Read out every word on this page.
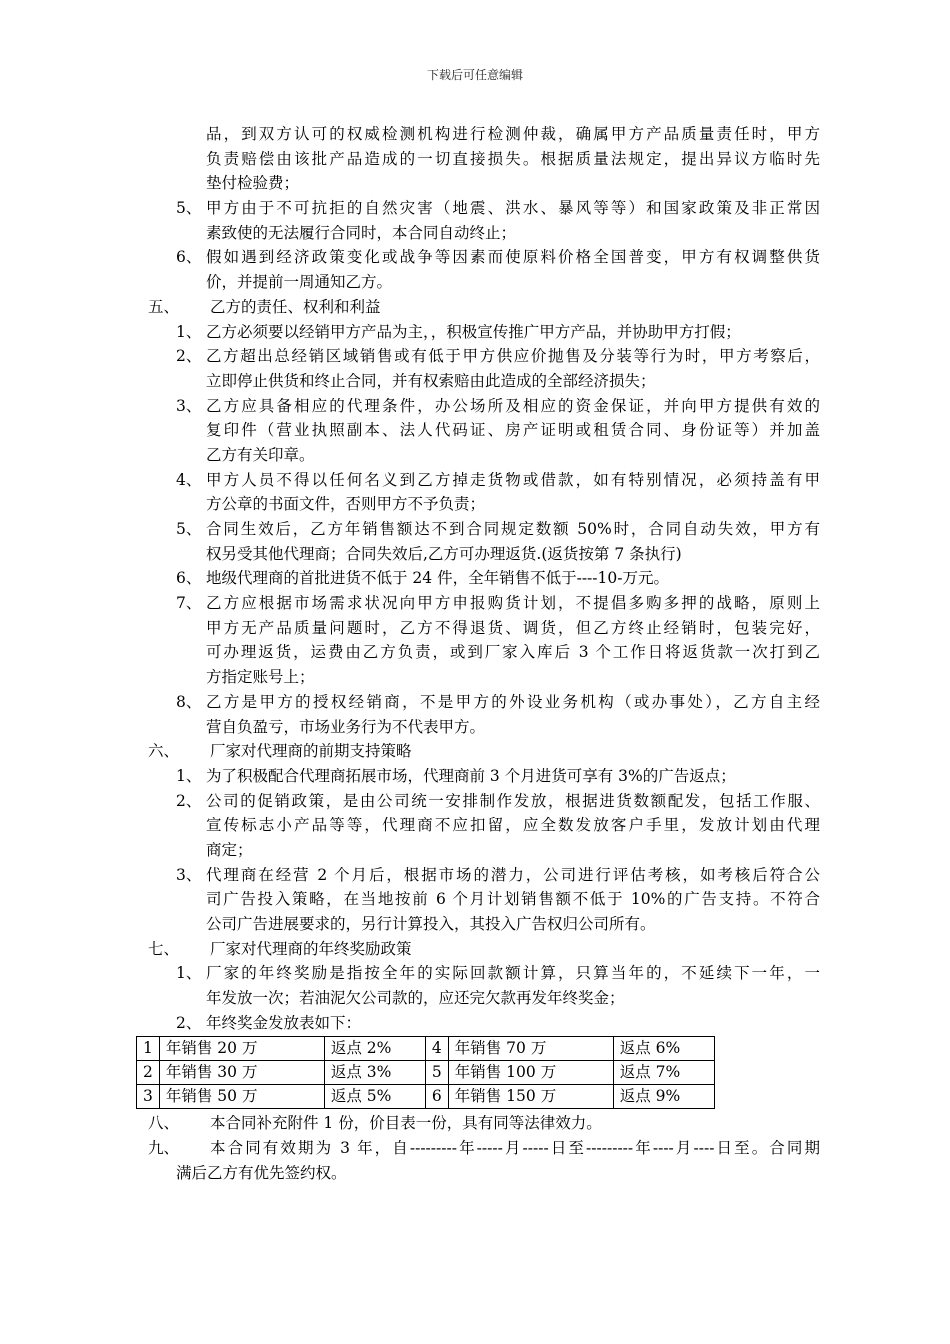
下载后可任意编辑
品，到双方认可的权威检测机构进行检测仲裁，确属甲方产品质量责任时，甲方
负责赔偿由该批产品造成的一切直接损失。根据质量法规定，提出异议方临时先
垫付检验费；
5、 甲方由于不可抗拒的自然灾害（地震、洪水、暴风等等）和国家政策及非正常因
素致使的无法履行合同时，本合同自动终止；
6、 假如遇到经济政策变化或战争等因素而使原料价格全国普变，甲方有权调整供货
价，并提前一周通知乙方。
五、 乙方的责任、权利和利益
1、 乙方必须要以经销甲方产品为主，，积极宣传推广甲方产品，并协助甲方打假；
2、 乙方超出总经销区域销售或有低于甲方供应价抛售及分装等行为时，甲方考察后，
立即停止供货和终止合同，并有权索赔由此造成的全部经济损失；
3、 乙方应具备相应的代理条件，办公场所及相应的资金保证，并向甲方提供有效的
复印件（营业执照副本、法人代码证、房产证明或租赁合同、身份证等）并加盖
乙方有关印章。
4、 甲方人员不得以任何名义到乙方掉走货物或借款，如有特别情况，必须持盖有甲
方公章的书面文件，否则甲方不予负责；
5、 合同生效后，乙方年销售额达不到合同规定数额 50%时，合同自动失效，甲方有
权另受其他代理商；合同失效后,乙方可办理返货.(返货按第 7 条执行)
6、 地级代理商的首批进货不低于 24 件，全年销售不低于----10-万元。
7、 乙方应根据市场需求状况向甲方申报购货计划，不提倡多购多押的战略，原则上
甲方无产品质量问题时，乙方不得退货、调货，但乙方终止经销时，包装完好，
可办理返货，运费由乙方负责，或到厂家入库后 3 个工作日将返货款一次打到乙
方指定账号上；
8、 乙方是甲方的授权经销商，不是甲方的外设业务机构（或办事处），乙方自主经
营自负盈亏，市场业务行为不代表甲方。
六、 厂家对代理商的前期支持策略
1、 为了积极配合代理商拓展市场，代理商前 3 个月进货可享有 3%的广告返点；
2、 公司的促销政策，是由公司统一安排制作发放，根据进货数额配发，包括工作服、
宣传标志小产品等等，代理商不应扣留，应全数发放客户手里，发放计划由代理
商定；
3、 代理商在经营 2 个月后，根据市场的潜力，公司进行评估考核，如考核后符合公
司广告投入策略，在当地按前 6 个月计划销售额不低于 10%的广告支持。不符合
公司广告进展要求的，另行计算投入，其投入广告权归公司所有。
七、 厂家对代理商的年终奖励政策
1、 厂家的年终奖励是指按全年的实际回款额计算，只算当年的，不延续下一年，一
年发放一次；若油泥欠公司款的，应还完欠款再发年终奖金；
2、 年终奖金发放表如下：
1	年销售 20 万	返点 2%	4	年销售 70 万	返点 6%
2	年销售 30 万	返点 3%	5	年销售 100 万	返点 7%
3	年销售 50 万	返点 5%	6	年销售 150 万	返点 9%
八、 本合同补充附件 1 份，价目表一份，具有同等法律效力。
九、 本合同有效期为 3 年，自---------年-----月-----日至---------年----月----日至。合同期
满后乙方有优先签约权。
